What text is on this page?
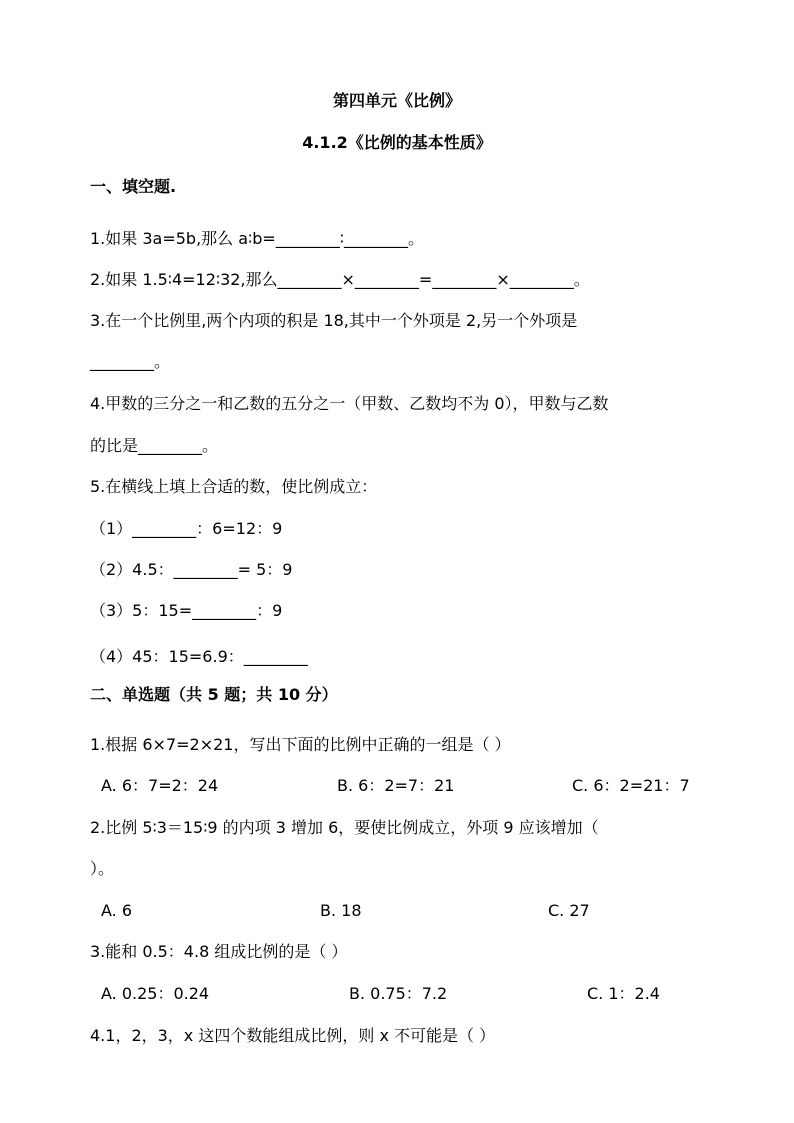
第四单元《比例》
4.1.2《比例的基本性质》
一、填空题.
1.如果 3a=5b,那么 a∶b=________∶________。
2.如果 1.5∶4=12∶32,那么________×________=________×________。
3.在一个比例里,两个内项的积是 18,其中一个外项是 2,另一个外项是
________。
4.甲数的三分之一和乙数的五分之一（甲数、乙数均不为 0），甲数与乙数
的比是________。
5.在横线上填上合适的数，使比例成立：
（1）________：6=12：9
（2）4.5：________= 5：9
（3）5：15=________：9
（4）45：15=6.9：________
二、单选题（共 5 题；共 10 分）
1.根据 6×7=2×21，写出下面的比例中正确的一组是（ ）
A. 6：7=2：24	B. 6：2=7：21	C. 6：2=21：7
2.比例 5∶3＝15∶9 的内项 3 增加 6，要使比例成立，外项 9 应该增加（
）。
A. 6	B. 18	C. 27
3.能和 0.5：4.8 组成比例的是（ ）
A. 0.25：0.24	B. 0.75：7.2	C. 1：2.4
4.1，2，3，x 这四个数能组成比例，则 x 不可能是（ ）
